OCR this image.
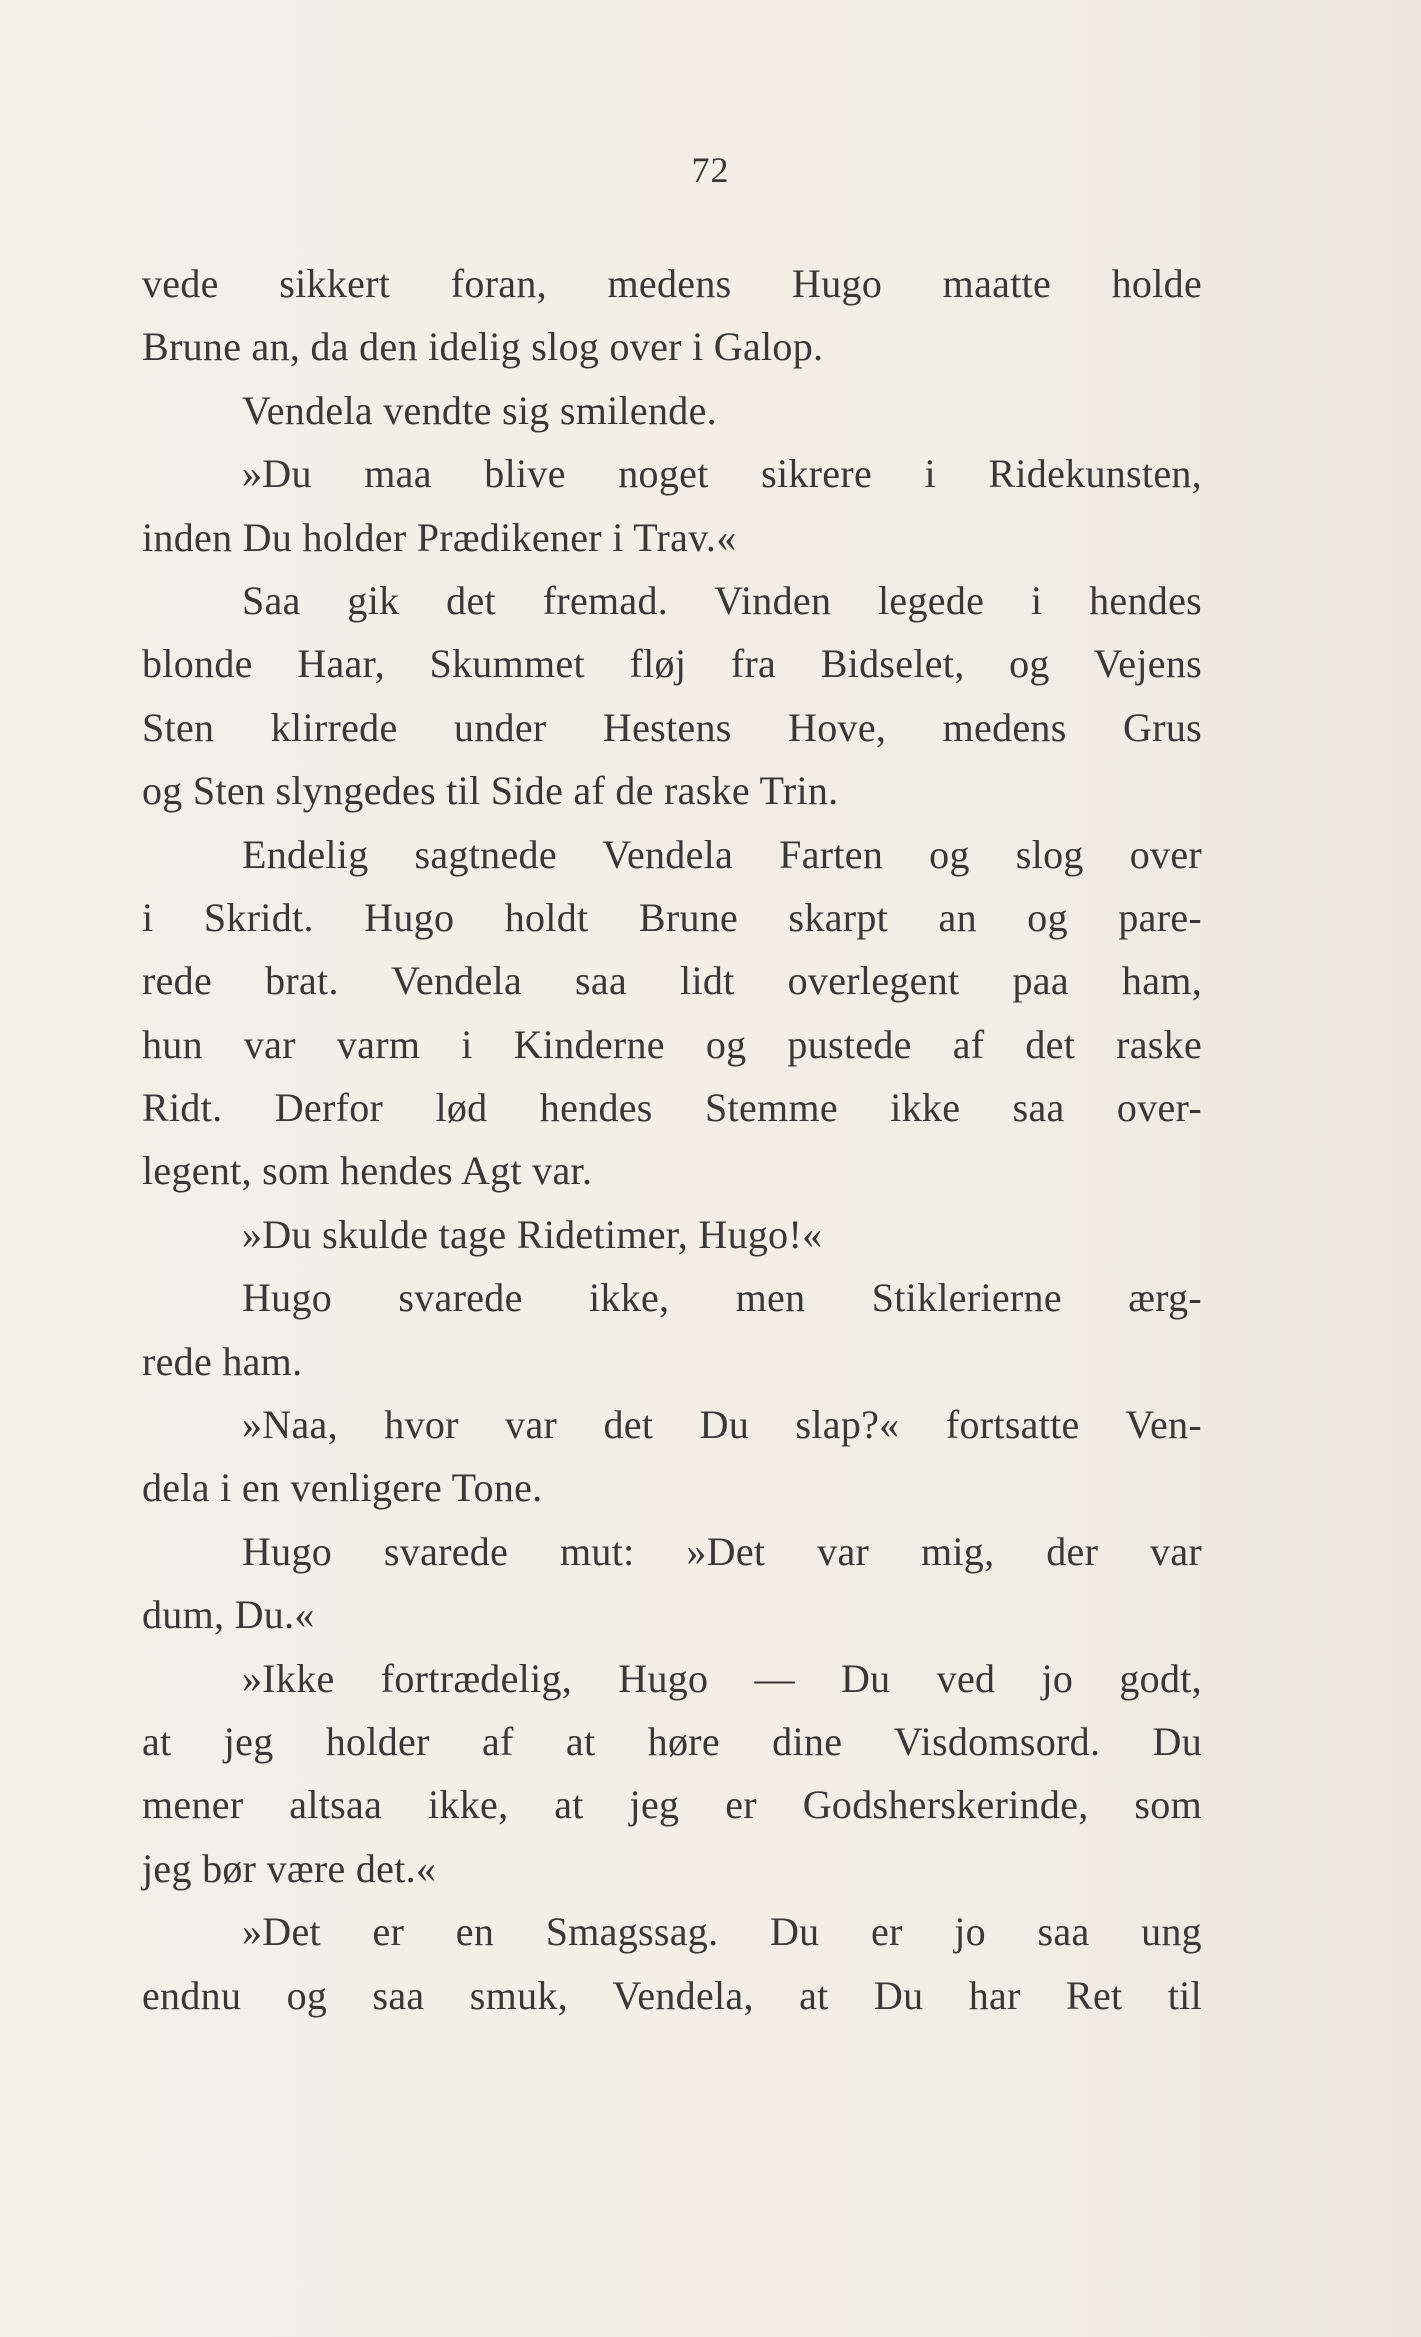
72
vede sikkert foran, medens Hugo maatte holde
Brune an, da den idelig slog over i Galop.
Vendela vendte sig smilende.
»Du maa blive noget sikrere i Ridekunsten,
inden Du holder Prædikener i Trav.«
Saa gik det fremad. Vinden legede i hendes
blonde Haar, Skummet fløj fra Bidselet, og Vejens
Sten klirrede under Hestens Hove, medens Grus
og Sten slyngedes til Side af de raske Trin.
Endelig sagtnede Vendela Farten og slog over
i Skridt. Hugo holdt Brune skarpt an og pare-
rede brat. Vendela saa lidt overlegent paa ham,
hun var varm i Kinderne og pustede af det raske
Ridt. Derfor lød hendes Stemme ikke saa over-
legent, som hendes Agt var.
»Du skulde tage Ridetimer, Hugo!«
Hugo svarede ikke, men Stiklerierne ærg-
rede ham.
»Naa, hvor var det Du slap?« fortsatte Ven-
dela i en venligere Tone.
Hugo svarede mut: »Det var mig, der var
dum, Du.«
»Ikke fortrædelig, Hugo — Du ved jo godt,
at jeg holder af at høre dine Visdomsord. Du
mener altsaa ikke, at jeg er Godsherskerinde, som
jeg bør være det.«
»Det er en Smagssag. Du er jo saa ung
endnu og saa smuk, Vendela, at Du har Ret til
